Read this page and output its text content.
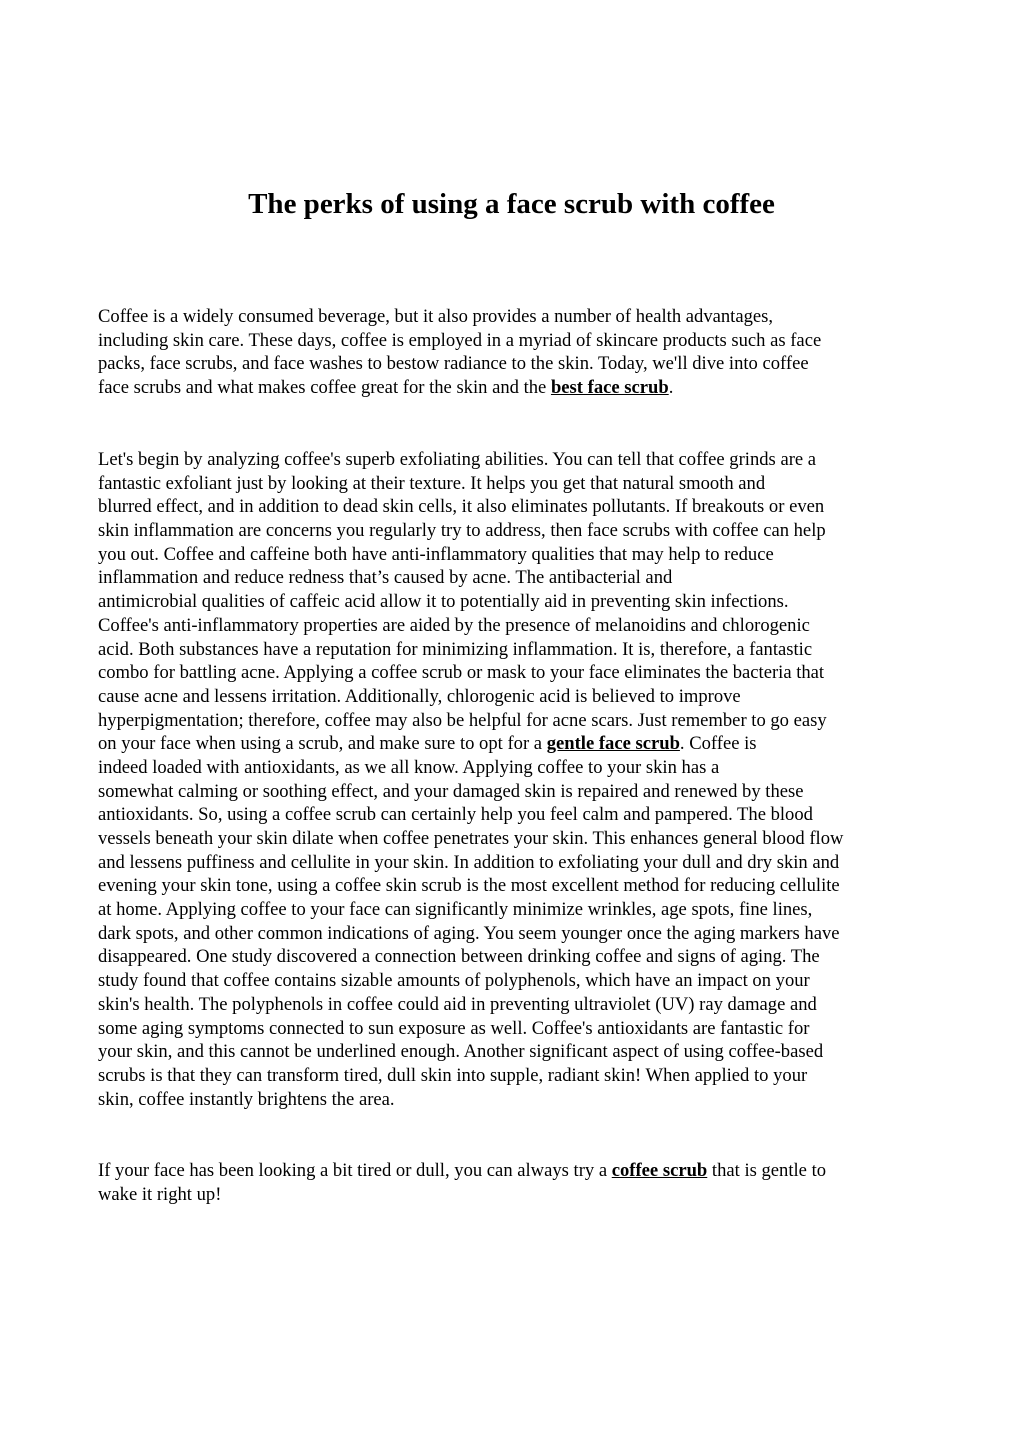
The perks of using a face scrub with coffee
Coffee is a widely consumed beverage, but it also provides a number of health advantages,
including skin care. These days, coffee is employed in a myriad of skincare products such as face
packs, face scrubs, and face washes to bestow radiance to the skin. Today, we'll dive into coffee
face scrubs and what makes coffee great for the skin and the best face scrub.
Let's begin by analyzing coffee's superb exfoliating abilities. You can tell that coffee grinds are a
fantastic exfoliant just by looking at their texture. It helps you get that natural smooth and
blurred effect, and in addition to dead skin cells, it also eliminates pollutants. If breakouts or even
skin inflammation are concerns you regularly try to address, then face scrubs with coffee can help
you out. Coffee and caffeine both have anti-inflammatory qualities that may help to reduce
inflammation and reduce redness that’s caused by acne. The antibacterial and
antimicrobial qualities of caffeic acid allow it to potentially aid in preventing skin infections.
Coffee's anti-inflammatory properties are aided by the presence of melanoidins and chlorogenic
acid. Both substances have a reputation for minimizing inflammation. It is, therefore, a fantastic
combo for battling acne. Applying a coffee scrub or mask to your face eliminates the bacteria that
cause acne and lessens irritation. Additionally, chlorogenic acid is believed to improve
hyperpigmentation; therefore, coffee may also be helpful for acne scars. Just remember to go easy
on your face when using a scrub, and make sure to opt for a gentle face scrub. Coffee is
indeed loaded with antioxidants, as we all know. Applying coffee to your skin has a
somewhat calming or soothing effect, and your damaged skin is repaired and renewed by these
antioxidants. So, using a coffee scrub can certainly help you feel calm and pampered. The blood
vessels beneath your skin dilate when coffee penetrates your skin. This enhances general blood flow
and lessens puffiness and cellulite in your skin. In addition to exfoliating your dull and dry skin and
evening your skin tone, using a coffee skin scrub is the most excellent method for reducing cellulite
at home. Applying coffee to your face can significantly minimize wrinkles, age spots, fine lines,
dark spots, and other common indications of aging. You seem younger once the aging markers have
disappeared. One study discovered a connection between drinking coffee and signs of aging. The
study found that coffee contains sizable amounts of polyphenols, which have an impact on your
skin's health. The polyphenols in coffee could aid in preventing ultraviolet (UV) ray damage and
some aging symptoms connected to sun exposure as well. Coffee's antioxidants are fantastic for
your skin, and this cannot be underlined enough. Another significant aspect of using coffee-based
scrubs is that they can transform tired, dull skin into supple, radiant skin! When applied to your
skin, coffee instantly brightens the area.
If your face has been looking a bit tired or dull, you can always try a coffee scrub that is gentle to
wake it right up!
